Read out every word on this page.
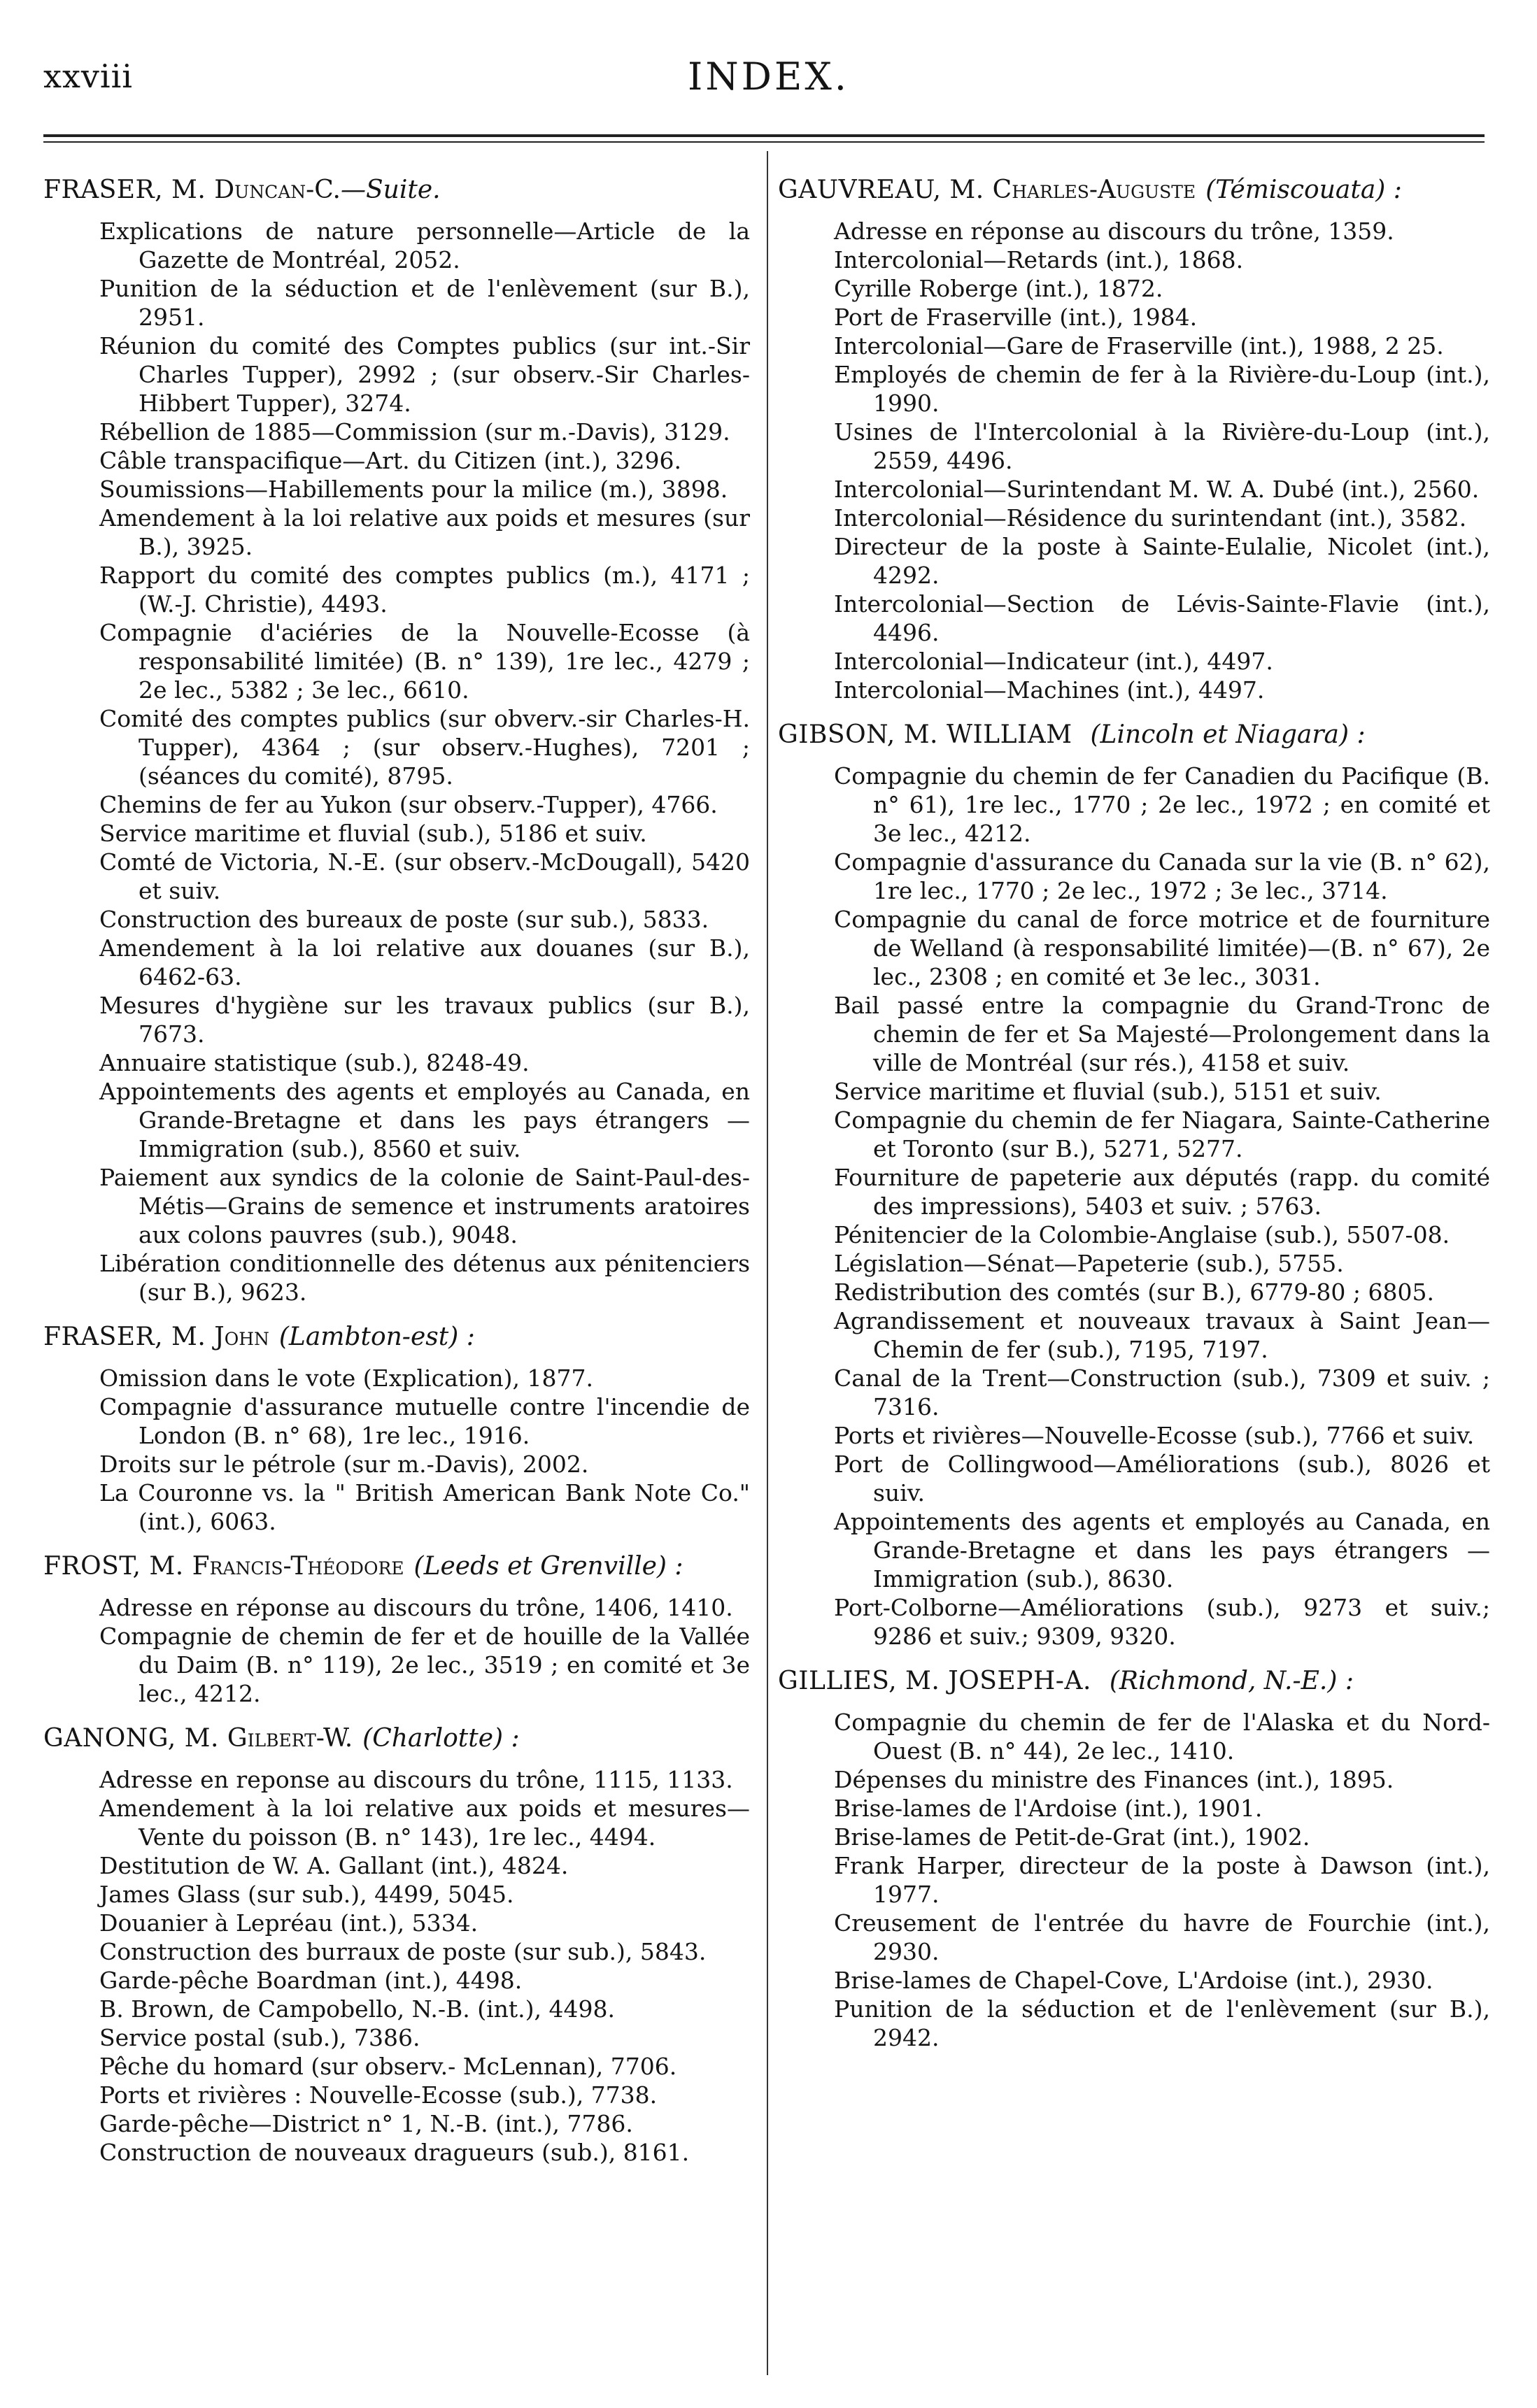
xxviii	INDEX.
FRASER, M. Duncan-C.—Suite.
Explications de nature personnelle—Article de la Gazette de Montréal, 2052.
Punition de la séduction et de l'enlèvement (sur B.), 2951.
Réunion du comité des Comptes publics (sur int.-Sir Charles Tupper), 2992 ; (sur observ.-Sir Charles-Hibbert Tupper), 3274.
Rébellion de 1885—Commission (sur m.-Davis), 3129.
Câble transpacifique—Art. du Citizen (int.), 3296.
Soumissions—Habillements pour la milice (m.), 3898.
Amendement à la loi relative aux poids et mesures (sur B.), 3925.
Rapport du comité des comptes publics (m.), 4171 ; (W.-J. Christie), 4493.
Compagnie d'aciéries de la Nouvelle-Ecosse (à responsabilité limitée) (B. n° 139), 1re lec., 4279 ; 2e lec., 5382 ; 3e lec., 6610.
Comité des comptes publics (sur obverv.-sir Charles-H. Tupper), 4364 ; (sur observ.-Hughes), 7201 ; (séances du comité), 8795.
Chemins de fer au Yukon (sur observ.-Tupper), 4766.
Service maritime et fluvial (sub.), 5186 et suiv.
Comté de Victoria, N.-E. (sur observ.-McDougall), 5420 et suiv.
Construction des bureaux de poste (sur sub.), 5833.
Amendement à la loi relative aux douanes (sur B.), 6462-63.
Mesures d'hygiène sur les travaux publics (sur B.), 7673.
Annuaire statistique (sub.), 8248-49.
Appointements des agents et employés au Canada, en Grande-Bretagne et dans les pays étrangers —Immigration (sub.), 8560 et suiv.
Paiement aux syndics de la colonie de Saint-Paul-des-Métis—Grains de semence et instruments aratoires aux colons pauvres (sub.), 9048.
Libération conditionnelle des détenus aux pénitenciers (sur B.), 9623.
FRASER, M. John (Lambton-est) :
Omission dans le vote (Explication), 1877.
Compagnie d'assurance mutuelle contre l'incendie de London (B. n° 68), 1re lec., 1916.
Droits sur le pétrole (sur m.-Davis), 2002.
La Couronne vs. la " British American Bank Note Co." (int.), 6063.
FROST, M. Francis-Théodore (Leeds et Grenville) :
Adresse en réponse au discours du trône, 1406, 1410.
Compagnie de chemin de fer et de houille de la Vallée du Daim (B. n° 119), 2e lec., 3519 ; en comité et 3e lec., 4212.
GANONG, M. Gilbert-W. (Charlotte) :
Adresse en reponse au discours du trône, 1115, 1133.
Amendement à la loi relative aux poids et mesures—Vente du poisson (B. n° 143), 1re lec., 4494.
Destitution de W. A. Gallant (int.), 4824.
James Glass (sur sub.), 4499, 5045.
Douanier à Lepréau (int.), 5334.
Construction des burraux de poste (sur sub.), 5843.
Garde-pêche Boardman (int.), 4498.
B. Brown, de Campobello, N.-B. (int.), 4498.
Service postal (sub.), 7386.
Pêche du homard (sur observ.- McLennan), 7706.
Ports et rivières : Nouvelle-Ecosse (sub.), 7738.
Garde-pêche—District n° 1, N.-B. (int.), 7786.
Construction de nouveaux dragueurs (sub.), 8161.
GAUVREAU, M. Charles-Auguste (Témiscouata) :
Adresse en réponse au discours du trône, 1359.
Intercolonial—Retards (int.), 1868.
Cyrille Roberge (int.), 1872.
Port de Fraserville (int.), 1984.
Intercolonial—Gare de Fraserville (int.), 1988, 2 25.
Employés de chemin de fer à la Rivière-du-Loup (int.), 1990.
Usines de l'Intercolonial à la Rivière-du-Loup (int.), 2559, 4496.
Intercolonial—Surintendant M. W. A. Dubé (int.), 2560.
Intercolonial—Résidence du surintendant (int.), 3582.
Directeur de la poste à Sainte-Eulalie, Nicolet (int.), 4292.
Intercolonial—Section de Lévis-Sainte-Flavie (int.), 4496.
Intercolonial—Indicateur (int.), 4497.
Intercolonial—Machines (int.), 4497.
GIBSON, M. WILLIAM (Lincoln et Niagara) :
Compagnie du chemin de fer Canadien du Pacifique (B. n° 61), 1re lec., 1770 ; 2e lec., 1972 ; en comité et 3e lec., 4212.
Compagnie d'assurance du Canada sur la vie (B. n° 62), 1re lec., 1770 ; 2e lec., 1972 ; 3e lec., 3714.
Compagnie du canal de force motrice et de fourniture de Welland (à responsabilité limitée)—(B. n° 67), 2e lec., 2308 ; en comité et 3e lec., 3031.
Bail passé entre la compagnie du Grand-Tronc de chemin de fer et Sa Majesté—Prolongement dans la ville de Montréal (sur rés.), 4158 et suiv.
Service maritime et fluvial (sub.), 5151 et suiv.
Compagnie du chemin de fer Niagara, Sainte-Catherine et Toronto (sur B.), 5271, 5277.
Fourniture de papeterie aux députés (rapp. du comité des impressions), 5403 et suiv. ; 5763.
Pénitencier de la Colombie-Anglaise (sub.), 5507-08.
Législation—Sénat—Papeterie (sub.), 5755.
Redistribution des comtés (sur B.), 6779-80 ; 6805.
Agrandissement et nouveaux travaux à Saint Jean—Chemin de fer (sub.), 7195, 7197.
Canal de la Trent—Construction (sub.), 7309 et suiv. ; 7316.
Ports et rivières—Nouvelle-Ecosse (sub.), 7766 et suiv.
Port de Collingwood—Améliorations (sub.), 8026 et suiv.
Appointements des agents et employés au Canada, en Grande-Bretagne et dans les pays étrangers —Immigration (sub.), 8630.
Port-Colborne—Améliorations (sub.), 9273 et suiv.; 9286 et suiv.; 9309, 9320.
GILLIES, M. JOSEPH-A. (Richmond, N.-E.) :
Compagnie du chemin de fer de l'Alaska et du Nord-Ouest (B. n° 44), 2e lec., 1410.
Dépenses du ministre des Finances (int.), 1895.
Brise-lames de l'Ardoise (int.), 1901.
Brise-lames de Petit-de-Grat (int.), 1902.
Frank Harper, directeur de la poste à Dawson (int.), 1977.
Creusement de l'entrée du havre de Fourchie (int.), 2930.
Brise-lames de Chapel-Cove, L'Ardoise (int.), 2930.
Punition de la séduction et de l'enlèvement (sur B.), 2942.
